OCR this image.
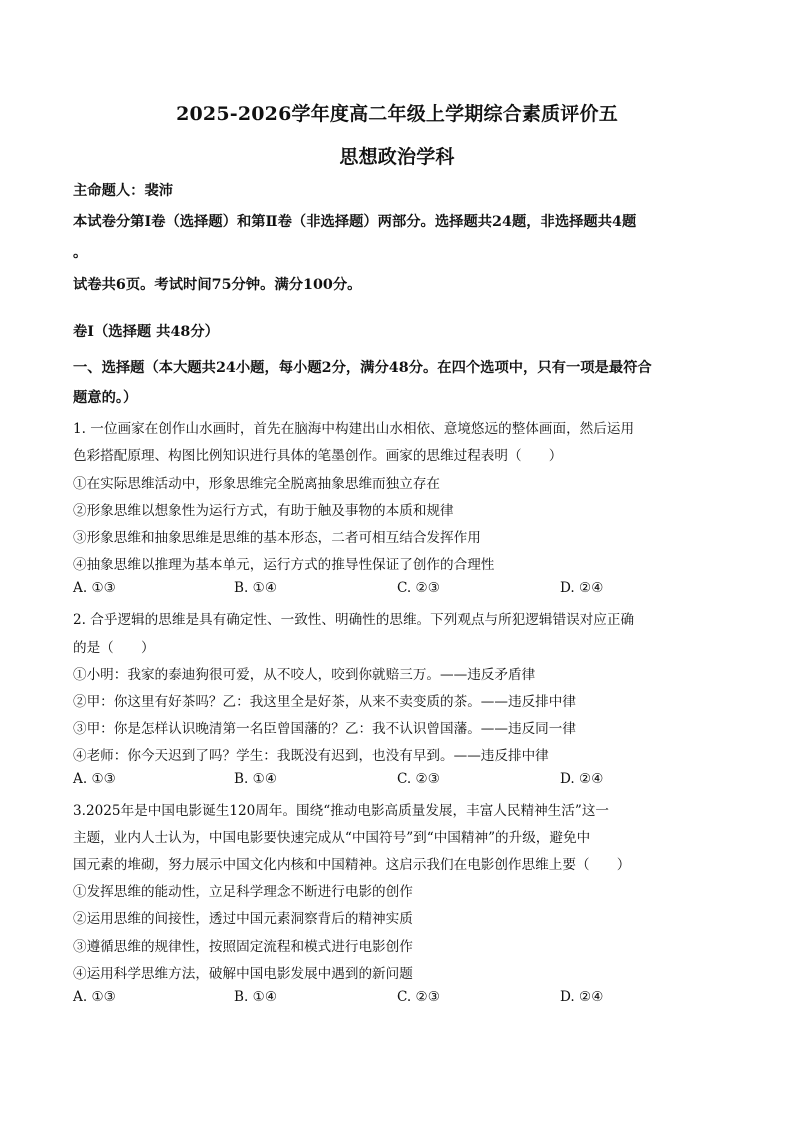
2025-2026学年度高二年级上学期综合素质评价五
思想政治学科
主命题人：裴沛
本试卷分第Ⅰ卷（选择题）和第Ⅱ卷（非选择题）两部分。选择题共24题，非选择题共4题
。
试卷共6页。考试时间75分钟。满分100分。
卷Ⅰ（选择题 共48分）
一、选择题（本大题共24小题，每小题2分，满分48分。在四个选项中，只有一项是最符合
题意的。）
1. 一位画家在创作山水画时，首先在脑海中构建出山水相依、意境悠远的整体画面，然后运用
色彩搭配原理、构图比例知识进行具体的笔墨创作。画家的思维过程表明（　　）
①在实际思维活动中，形象思维完全脱离抽象思维而独立存在
②形象思维以想象性为运行方式，有助于触及事物的本质和规律
③形象思维和抽象思维是思维的基本形态，二者可相互结合发挥作用
④抽象思维以推理为基本单元，运行方式的推导性保证了创作的合理性
A. ①③	B. ①④	C. ②③	D. ②④
2. 合乎逻辑的思维是具有确定性、一致性、明确性的思维。下列观点与所犯逻辑错误对应正确
的是（　　）
①小明：我家的泰迪狗很可爱，从不咬人，咬到你就赔三万。——违反矛盾律
②甲：你这里有好茶吗？乙：我这里全是好茶，从来不卖变质的茶。——违反排中律
③甲：你是怎样认识晚清第一名臣曾国藩的？乙：我不认识曾国藩。——违反同一律
④老师：你今天迟到了吗？学生：我既没有迟到，也没有早到。——违反排中律
A. ①③	B. ①④	C. ②③	D. ②④
3.2025年是中国电影诞生120周年。围绕“推动电影高质量发展，丰富人民精神生活”这一
主题，业内人士认为，中国电影要快速完成从“中国符号”到“中国精神”的升级，避免中
国元素的堆砌，努力展示中国文化内核和中国精神。这启示我们在电影创作思维上要（　　）
①发挥思维的能动性，立足科学理念不断进行电影的创作
②运用思维的间接性，透过中国元素洞察背后的精神实质
③遵循思维的规律性，按照固定流程和模式进行电影创作
④运用科学思维方法，破解中国电影发展中遇到的新问题
A. ①③	B. ①④	C. ②③	D. ②④
